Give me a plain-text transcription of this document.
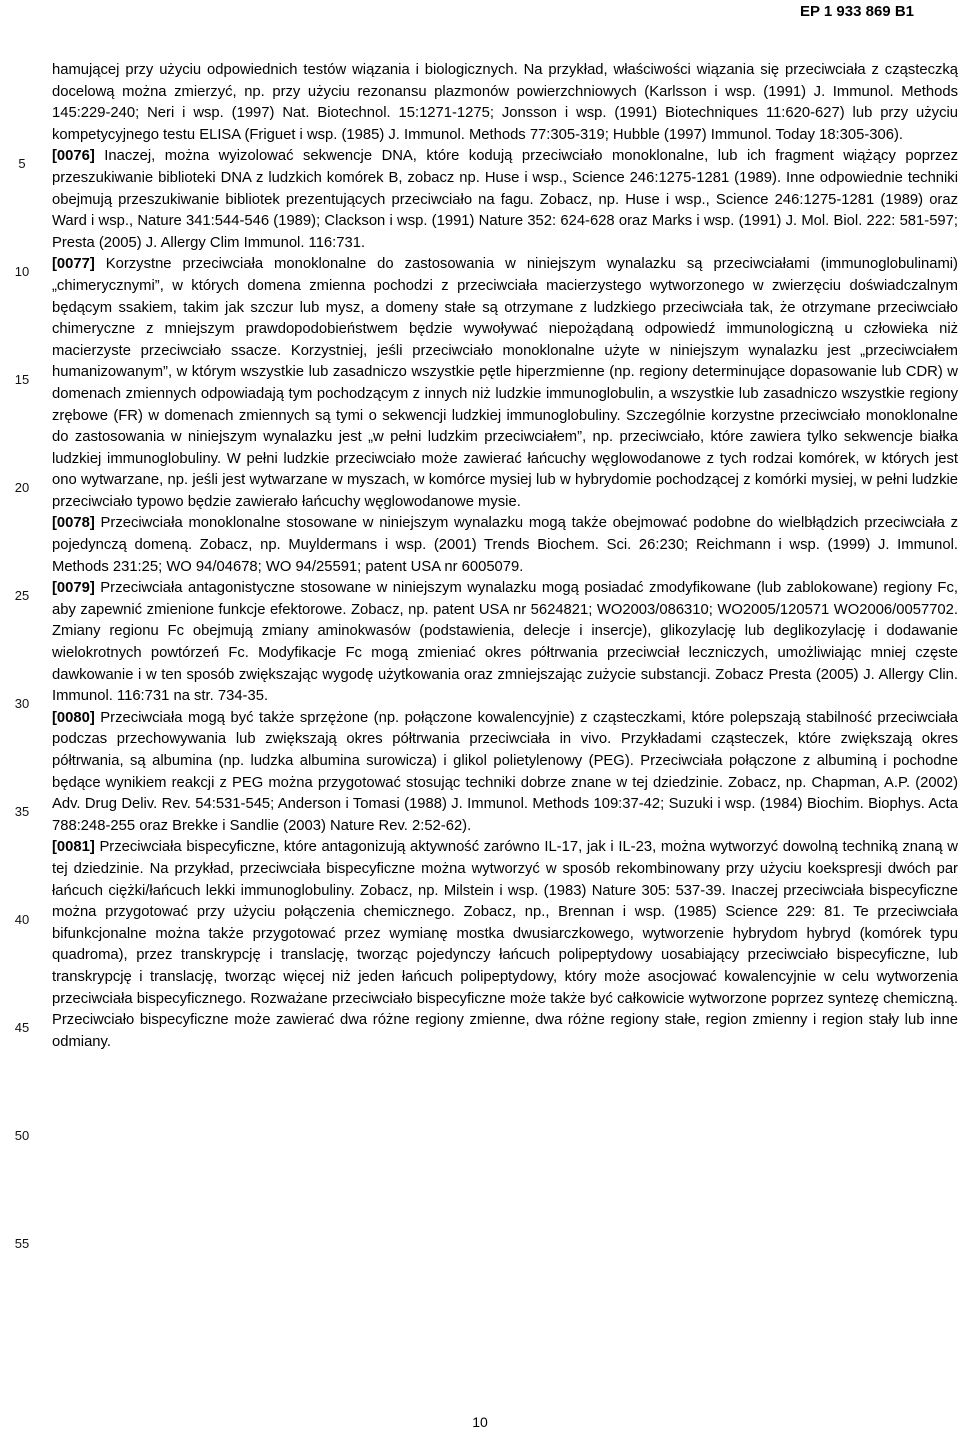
EP 1 933 869 B1
5
10
15
20
25
30
35
40
45
50
55

hamującej przy użyciu odpowiednich testów wiązania i biologicznych. Na przykład, właściwości wiązania się przeciwciała z cząsteczką docelową można zmierzyć, np. przy użyciu rezonansu plazmonów powierzchniowych (Karlsson i wsp. (1991) J. Immunol. Methods 145:229-240; Neri i wsp. (1997) Nat. Biotechnol. 15:1271-1275; Jonsson i wsp. (1991) Biotechniques 11:620-627) lub przy użyciu kompetycyjnego testu ELISA (Friguet i wsp. (1985) J. Immunol. Methods 77:305-319; Hubble (1997) Immunol. Today 18:305-306).

[0076] Inaczej, można wyizolować sekwencje DNA, które kodują przeciwciało monoklonalne, lub ich fragment wiążący poprzez przeszukiwanie biblioteki DNA z ludzkich komórek B, zobacz np. Huse i wsp., Science 246:1275-1281 (1989). Inne odpowiednie techniki obejmują przeszukiwanie bibliotek prezentujących przeciwciało na fagu. Zobacz, np. Huse i wsp., Science 246:1275-1281 (1989) oraz Ward i wsp., Nature 341:544-546 (1989); Clackson i wsp. (1991) Nature 352: 624-628 oraz Marks i wsp. (1991) J. Mol. Biol. 222: 581-597; Presta (2005) J. Allergy Clim Immunol. 116:731.

[0077] Korzystne przeciwciała monoklonalne do zastosowania w niniejszym wynalazku są przeciwciałami (immunoglobulinami) „chimerycznymi”, w których domena zmienna pochodzi z przeciwciała macierzystego wytworzonego w zwierzęciu doświadczalnym będącym ssakiem, takim jak szczur lub mysz, a domeny stałe są otrzymane z ludzkiego przeciwciała tak, że otrzymane przeciwciało chimeryczne z mniejszym prawdopodobieństwem będzie wywoływać niepożądaną odpowiedź immunologiczną u człowieka niż macierzyste przeciwciało ssacze. Korzystniej, jeśli przeciwciało monoklonalne użyte w niniejszym wynalazku jest „przeciwciałem humanizowanym”, w którym wszystkie lub zasadniczo wszystkie pętle hiperzmienne (np. regiony determinujące dopasowanie lub CDR) w domenach zmiennych odpowiadają tym pochodzącym z innych niż ludzkie immunoglobulin, a wszystkie lub zasadniczo wszystkie regiony zrębowe (FR) w domenach zmiennych są tymi o sekwencji ludzkiej immunoglobuliny. Szczególnie korzystne przeciwciało monoklonalne do zastosowania w niniejszym wynalazku jest „w pełni ludzkim przeciwciałem”, np. przeciwciało, które zawiera tylko sekwencje białka ludzkiej immunoglobuliny. W pełni ludzkie przeciwciało może zawierać łańcuchy węglowodanowe z tych rodzai komórek, w których jest ono wytwarzane, np. jeśli jest wytwarzane w myszach, w komórce mysiej lub w hybrydomie pochodzącej z komórki mysiej, w pełni ludzkie przeciwciało typowo będzie zawierało łańcuchy węglowodanowe mysie.

[0078] Przeciwciała monoklonalne stosowane w niniejszym wynalazku mogą także obejmować podobne do wielbłądzich przeciwciała z pojedynczą domeną. Zobacz, np. Muyldermans i wsp. (2001) Trends Biochem. Sci. 26:230; Reichmann i wsp. (1999) J. Immunol. Methods 231:25; WO 94/04678; WO 94/25591; patent USA nr 6005079.

[0079] Przeciwciała antagonistyczne stosowane w niniejszym wynalazku mogą posiadać zmodyfikowane (lub zablokowane) regiony Fc, aby zapewnić zmienione funkcje efektorowe. Zobacz, np. patent USA nr 5624821; WO2003/086310; WO2005/120571 WO2006/0057702. Zmiany regionu Fc obejmują zmiany aminokwasów (podstawienia, delecje i insercje), glikozylację lub deglikozylację i dodawanie wielokrotnych powtórzeń Fc. Modyfikacje Fc mogą zmieniać okres półtrwania przeciwciał leczniczych, umożliwiając mniej częste dawkowanie i w ten sposób zwiększając wygodę użytkowania oraz zmniejszając zużycie substancji. Zobacz Presta (2005) J. Allergy Clin. Immunol. 116:731 na str. 734-35.

[0080] Przeciwciała mogą być także sprzężone (np. połączone kowalencyjnie) z cząsteczkami, które polepszają stabilność przeciwciała podczas przechowywania lub zwiększają okres półtrwania przeciwciała in vivo. Przykładami cząsteczek, które zwiększają okres półtrwania, są albumina (np. ludzka albumina surowicza) i glikol polietylenowy (PEG). Przeciwciała połączone z albuminą i pochodne będące wynikiem reakcji z PEG można przygotować stosując techniki dobrze znane w tej dziedzinie. Zobacz, np. Chapman, A.P. (2002) Adv. Drug Deliv. Rev. 54:531-545; Anderson i Tomasi (1988) J. Immunol. Methods 109:37-42; Suzuki i wsp. (1984) Biochim. Biophys. Acta 788:248-255 oraz Brekke i Sandlie (2003) Nature Rev. 2:52-62).

[0081] Przeciwciała bispecyficzne, które antagonizują aktywność zarówno IL-17, jak i IL-23, można wytworzyć dowolną techniką znaną w tej dziedzinie. Na przykład, przeciwciała bispecyficzne można wytworzyć w sposób rekombinowany przy użyciu koekspresji dwóch par łańcuch ciężki/łańcuch lekki immunoglobuliny. Zobacz, np. Milstein i wsp. (1983) Nature 305: 537-39. Inaczej przeciwciała bispecyficzne można przygotować przy użyciu połączenia chemicznego. Zobacz, np., Brennan i wsp. (1985) Science 229: 81. Te przeciwciała bifunkcjonalne można także przygotować przez wymianę mostka dwusiarczkowego, wytworzenie hybrydom hybryd (komórek typu quadroma), przez transkrypcję i translację, tworząc pojedynczy łańcuch polipeptydowy uosabiający przeciwciało bispecyficzne, lub transkrypcję i translację, tworząc więcej niż jeden łańcuch polipeptydowy, który może asocjować kowalencyjnie w celu wytworzenia przeciwciała bispecyficznego. Rozważane przeciwciało bispecyficzne może także być całkowicie wytworzone poprzez syntezę chemiczną. Przeciwciało bispecyficzne może zawierać dwa różne regiony zmienne, dwa różne regiony stałe, region zmienny i region stały lub inne odmiany.

10
